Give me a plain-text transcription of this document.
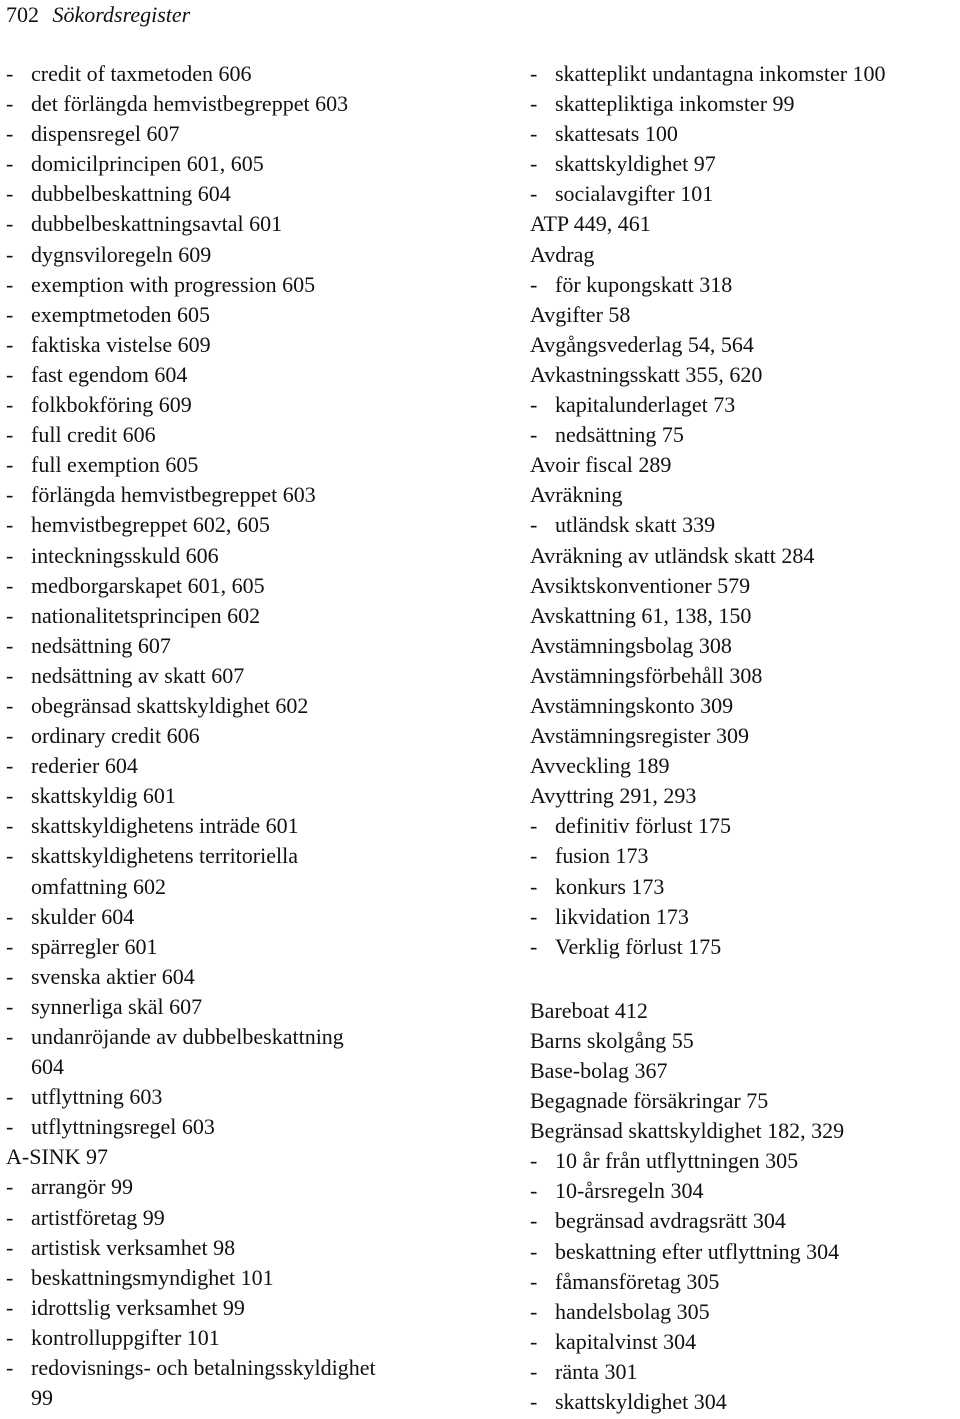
702 Sökordsregister
- credit of taxmetoden 606
- det förlängda hemvistbegreppet 603
- dispensregel 607
- domicilprincipen 601, 605
- dubbelbeskattning 604
- dubbelbeskattningsavtal 601
- dygnsviloregeln 609
- exemption with progression 605
- exemptmetoden 605
- faktiska vistelse 609
- fast egendom 604
- folkbokföring 609
- full credit 606
- full exemption 605
- förlängda hemvistbegreppet 603
- hemvistbegreppet 602, 605
- inteckningsskuld 606
- medborgarskapet 601, 605
- nationalitetsprincipen 602
- nedsättning 607
- nedsättning av skatt 607
- obegränsad skattskyldighet 602
- ordinary credit 606
- rederier 604
- skattskyldig 601
- skattskyldighetens inträde 601
- skattskyldighetens territoriella
omfattning 602
- skulder 604
- spärregler 601
- svenska aktier 604
- synnerliga skäl 607
- undanröjande av dubbelbeskattning
604
- utflyttning 603
- utflyttningsregel 603
A-SINK 97
- arrangör 99
- artistföretag 99
- artistisk verksamhet 98
- beskattningsmyndighet 101
- idrottslig verksamhet 99
- kontrolluppgifter 101
- redovisnings- och betalningsskyldighet
99
- skatteplikt undantagna inkomster 100
- skattepliktiga inkomster 99
- skattesats 100
- skattskyldighet 97
- socialavgifter 101
ATP 449, 461
Avdrag
- för kupongskatt 318
Avgifter 58
Avgångsvederlag 54, 564
Avkastningsskatt 355, 620
- kapitalunderlaget 73
- nedsättning 75
Avoir fiscal 289
Avräkning
- utländsk skatt 339
Avräkning av utländsk skatt 284
Avsiktskonventioner 579
Avskattning 61, 138, 150
Avstämningsbolag 308
Avstämningsförbehåll 308
Avstämningskonto 309
Avstämningsregister 309
Avveckling 189
Avyttring 291, 293
- definitiv förlust 175
- fusion 173
- konkurs 173
- likvidation 173
- Verklig förlust 175
Bareboat 412
Barns skolgång 55
Base-bolag 367
Begagnade försäkringar 75
Begränsad skattskyldighet 182, 329
- 10 år från utflyttningen 305
- 10-årsregeln 304
- begränsad avdragsrätt 304
- beskattning efter utflyttning 304
- fåmansföretag 305
- handelsbolag 305
- kapitalvinst 304
- ränta 301
- skattskyldighet 304
